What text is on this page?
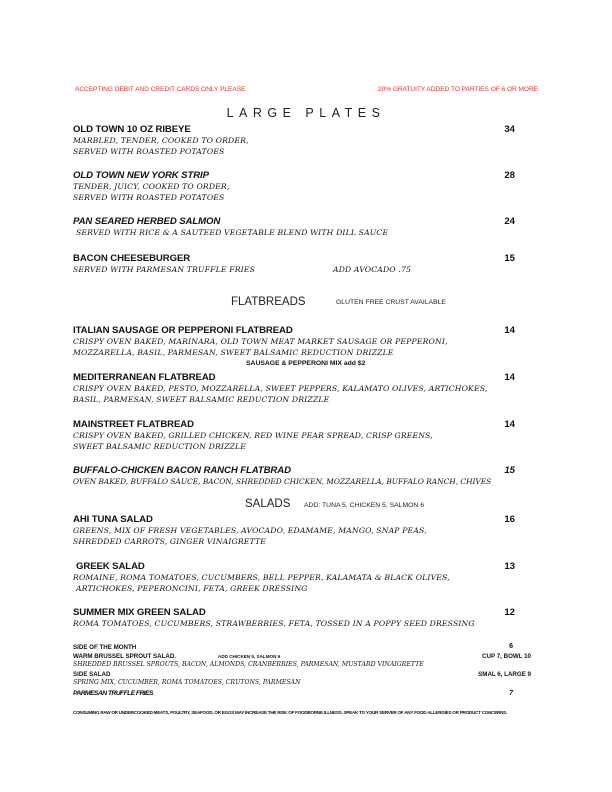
ACCEPTING DEBIT AND CREDIT CARDS ONLY PLEASE	20% GRATUITY ADDED TO PARTIES OF 6 OR MORE
LARGE PLATES
OLD TOWN 10 OZ RIBEYE	34
MARBLED, TENDER, COOKED TO ORDER,
SERVED WITH ROASTED POTATOES
OLD TOWN NEW YORK STRIP	28
TENDER, JUICY, COOKED TO ORDER,
SERVED WITH ROASTED POTATOES
PAN SEARED HERBED SALMON	24
SERVED WITH RICE & A SAUTEED VEGETABLE BLEND WITH DILL SAUCE
BACON CHEESEBURGER	15
SERVED WITH PARMESAN TRUFFLE FRIES	ADD AVOCADO .75
FLATBREADS	GLUTEN FREE CRUST AVAILABLE
ITALIAN SAUSAGE OR PEPPERONI FLATBREAD	14
CRISPY OVEN BAKED, MARINARA, OLD TOWN MEAT MARKET SAUSAGE OR PEPPERONI,
MOZZARELLA, BASIL, PARMESAN, SWEET BALSAMIC REDUCTION DRIZZLE
SAUSAGE & PEPPERONI MIX add $2
MEDITERRANEAN FLATBREAD	14
CRISPY OVEN BAKED, PESTO, MOZZARELLA, SWEET PEPPERS, KALAMATO OLIVES, ARTICHOKES,
BASIL, PARMESAN, SWEET BALSAMIC REDUCTION DRIZZLE
MAINSTREET FLATBREAD	14
CRISPY OVEN BAKED, GRILLED CHICKEN, RED WINE PEAR SPREAD, CRISP GREENS,
SWEET BALSAMIC REDUCTION DRIZZLE
BUFFALO-CHICKEN BACON RANCH FLATBRAD	15
OVEN BAKED, BUFFALO SAUCE, BACON, SHREDDED CHICKEN, MOZZARELLA, BUFFALO RANCH, CHIVES
SALADS ADD: TUNA 5, CHICKEN 5, SALMON 6
AHI TUNA SALAD	16
GREENS, MIX OF FRESH VEGETABLES, AVOCADO, EDAMAME, MANGO, SNAP PEAS,
SHREDDED CARROTS, GINGER VINAIGRETTE
GREEK SALAD	13
ROMAINE, ROMA TOMATOES, CUCUMBERS, BELL PEPPER, KALAMATA & BLACK OLIVES,
ARTICHOKES, PEPERONCINI, FETA, GREEK DRESSING
SUMMER MIX GREEN SALAD	12
ROMA TOMATOES, CUCUMBERS, STRAWBERRIES, FETA, TOSSED IN A POPPY SEED DRESSING
SIDE OF THE MONTH	6
WARM BRUSSEL SPROUT SALAD.	ADD CHICKEN 5, SALMON 6	CUP 7, BOWL 10
SHREDDED BRUSSEL SPROUTS, BACON, ALMONDS, CRANBERRIES, PARMESAN, MUSTARD VINAIGRETTE
SIDE SALAD	SMAL 6, LARGE 9
SPRING MIX, CUCUMBER, ROMA TOMATOES, CRUTONS, PARMESAN
PARMESAN TRUFFLE FRIES	7
CONSUMING RAW OR UNDERCOOKED MEATS, POULTRY, SEAFOOD, OR EGGS MAY INCREASE THE RISK OF FOODBORNE ILLNESS. SPEAK TO YOUR SERVER OF ANY FOOD ALLERGIES OR PRODUCT CONCERNS.
